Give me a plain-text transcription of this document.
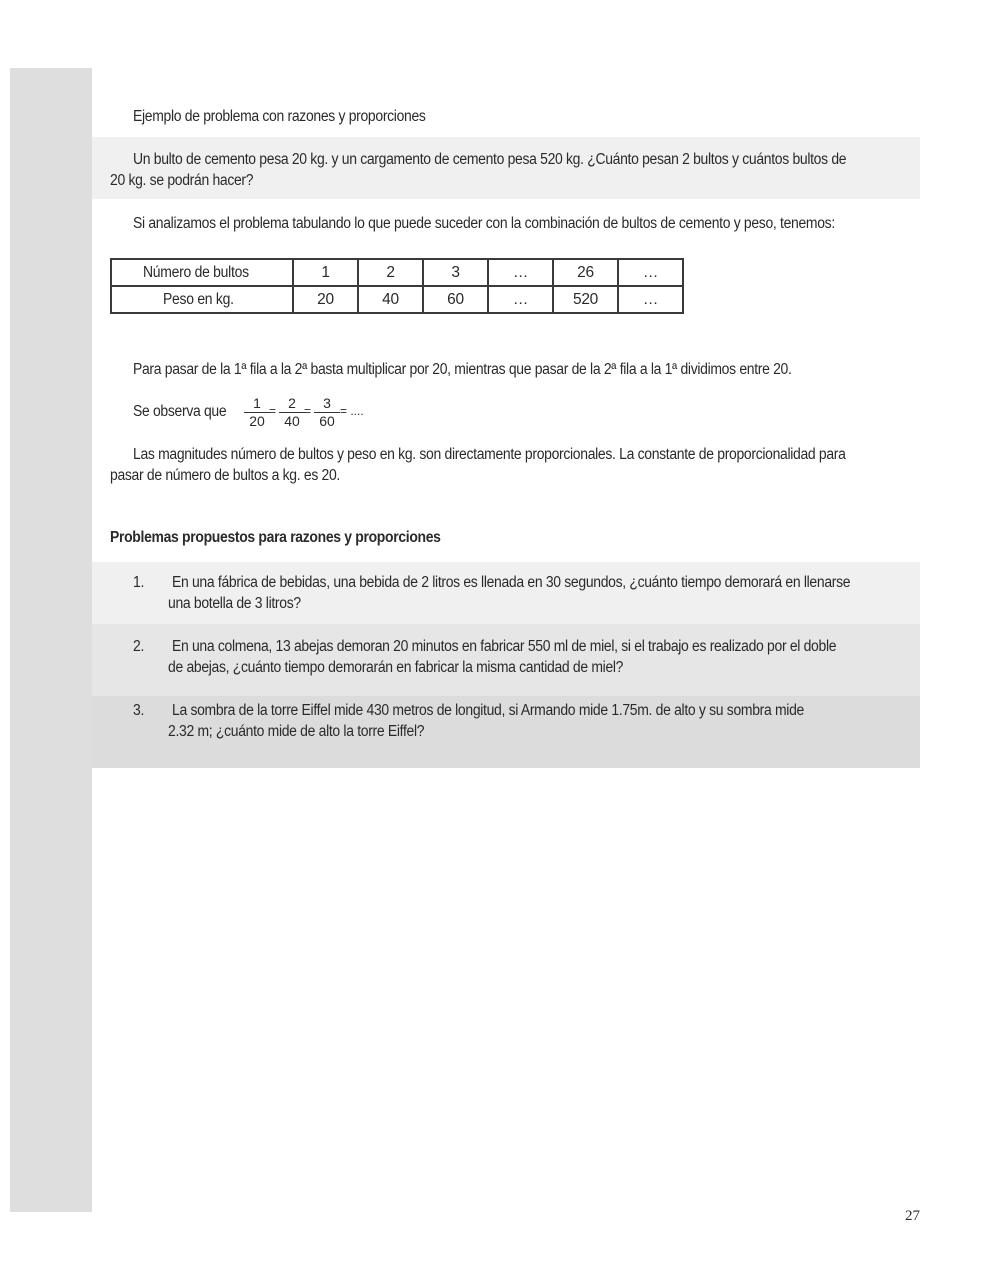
Ejemplo de problema con razones y proporciones
Un bulto de cemento pesa 20 kg. y un cargamento de cemento pesa 520 kg. ¿Cuánto pesan 2 bultos y cuántos bultos de
20 kg. se podrán hacer?
Si analizamos el problema tabulando lo que puede suceder con la combinación de bultos de cemento y peso, tenemos:
Número de bultos	1	2	3	…	26	…
Peso en kg.	20	40	60	…	520	…
Para pasar de la 1ª fila a la 2ª basta multiplicar por 20, mientras que pasar de la 2ª fila a la 1ª dividimos entre 20.
Se observa que $\frac{1}{20} = \frac{2}{40} = \frac{3}{60}$ = ....
Las magnitudes número de bultos y peso en kg. son directamente proporcionales. La constante de proporcionalidad para
pasar de número de bultos a kg. es 20.
Problemas propuestos para razones y proporciones
1. En una fábrica de bebidas, una bebida de 2 litros es llenada en 30 segundos, ¿cuánto tiempo demorará en llenarse
una botella de 3 litros?
2. En una colmena, 13 abejas demoran 20 minutos en fabricar 550 ml de miel, si el trabajo es realizado por el doble
de abejas, ¿cuánto tiempo demorarán en fabricar la misma cantidad de miel?
3. La sombra de la torre Eiffel mide 430 metros de longitud, si Armando mide 1.75m. de alto y su sombra mide
2.32 m; ¿cuánto mide de alto la torre Eiffel?
27
